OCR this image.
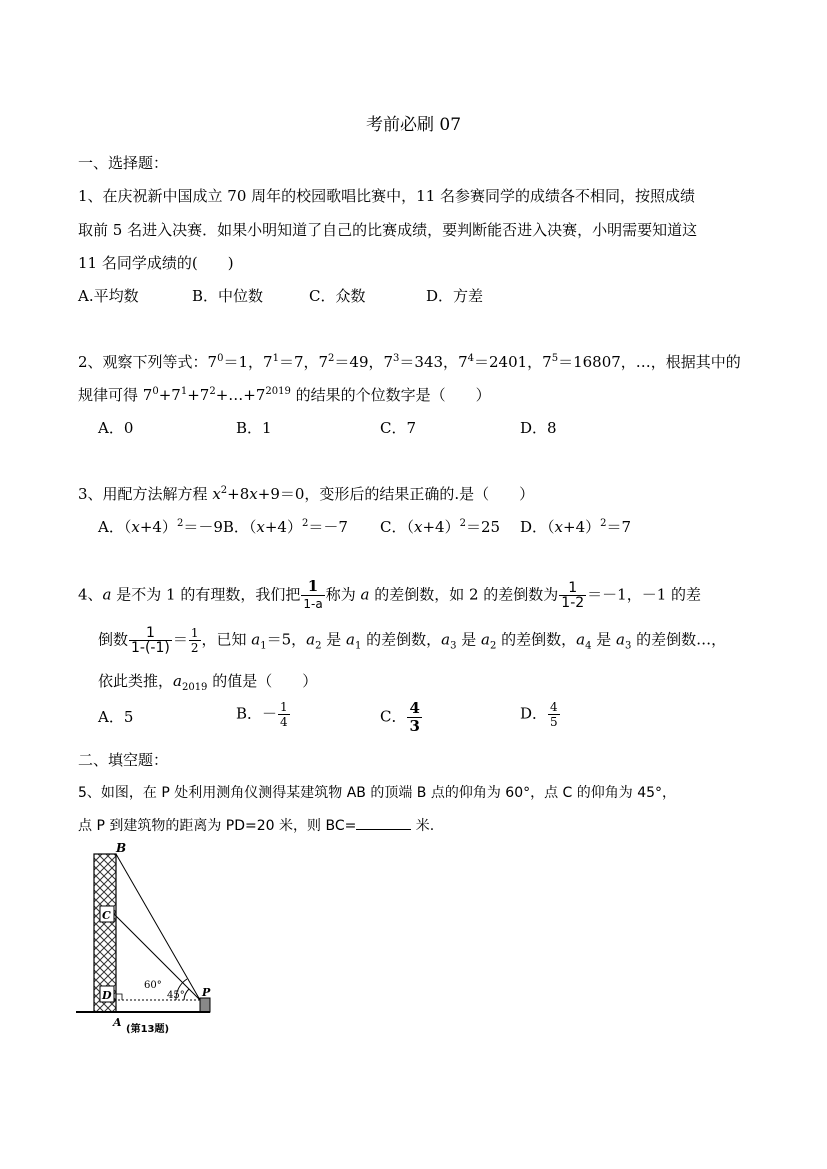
考前必刷 07
一、选择题：
1、在庆祝新中国成立 70 周年的校园歌唱比赛中，11 名参赛同学的成绩各不相同，按照成绩
取前 5 名进入决赛．如果小明知道了自己的比赛成绩，要判断能否进入决赛，小明需要知道这
11 名同学成绩的(　　)
A.平均数	B．中位数	C．众数	D．方差
2、观察下列等式：$7^0=1$，$7^1=7$，$7^2=49$，$7^3=343$，$7^4=2401$，$7^5=16807$，…，根据其中的
规律可得 $7^0+7^1+7^2+\dots+7^{2019}$ 的结果的个位数字是（　　）
A．0	B．1	C．7	D．8
3、用配方法解方程 $x^2+8x+9=0$，变形后的结果正确的.是（　　）
A．$(x+4)^2=-9B$．$(x+4)^2=-7$ C．$(x+4)^2=25$ D．$(x+4)^2=7$
4、a 是不为 1 的有理数，我们把 1
1-a
称为 a 的差倒数，如 2 的差倒数为 $\frac{1}{1-2} =-1$，－1 的差
倒数 $\frac{1}{1-(-1)} = \frac{1}{2}$ ，已知 $a_1=5$，$a_2$ 是 $a_1$ 的差倒数，$a_3$ 是 $a_2$ 的差倒数，$a_4$ 是 $a_3$ 的差倒数…，
依此类推，$a_{2019}$ 的值是（　　）
A．5	B．－ $\frac{1}{4}$	C． $\frac{4}{3}$	D． $\frac{4}{5}$
二、填空题：
5、如图，在 P 处利用测角仪测得某建筑物 AB 的顶端 B 点的仰角为 60°，点 C 的仰角为 45°，
点 P 到建筑物的距离为 PD=20 米，则 BC=	米.
B
C
D	P
A
60°
45°
(第13题)
